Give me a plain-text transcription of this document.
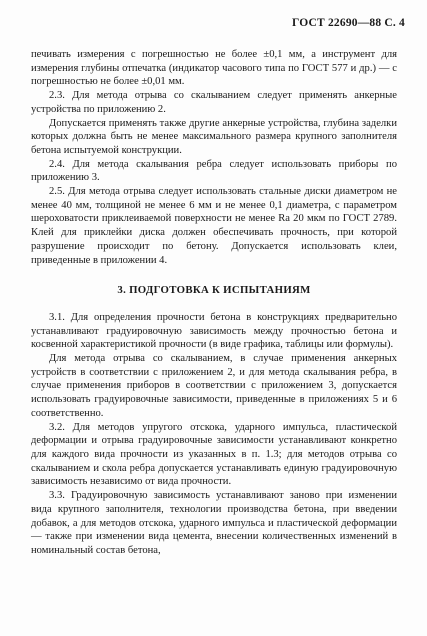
ГОСТ 22690—88 С. 4

печивать измерения с погрешностью не более ±0,1 мм, а инструмент для измерения глубины отпечатка (индикатор часового типа по ГОСТ 577 и др.) — с погрешностью не более ±0,01 мм.

2.3. Для метода отрыва со скалыванием следует применять анкерные устройства по приложению 2.

Допускается применять также другие анкерные устройства, глубина заделки которых должна быть не менее максимального размера крупного заполнителя бетона испытуемой конструкции.

2.4. Для метода скалывания ребра следует использовать приборы по приложению 3.

2.5. Для метода отрыва следует использовать стальные диски диаметром не менее 40 мм, толщиной не менее 6 мм и не менее 0,1 диаметра, с параметром шероховатости приклеиваемой поверхности не менее Ra 20 мкм по ГОСТ 2789. Клей для приклейки диска должен обеспечивать прочность, при которой разрушение происходит по бетону. Допускается использовать клеи, приведенные в приложении 4.

3. ПОДГОТОВКА К ИСПЫТАНИЯМ

3.1. Для определения прочности бетона в конструкциях предварительно устанавливают градуировочную зависимость между прочностью бетона и косвенной характеристикой прочности (в виде графика, таблицы или формулы).

Для метода отрыва со скалыванием, в случае применения анкерных устройств в соответствии с приложением 2, и для метода скалывания ребра, в случае применения приборов в соответствии с приложением 3, допускается использовать градуировочные зависимости, приведенные в приложениях 5 и 6 соответственно.

3.2. Для методов упругого отскока, ударного импульса, пластической деформации и отрыва градуировочные зависимости устанавливают конкретно для каждого вида прочности из указанных в п. 1.3; для методов отрыва со скалыванием и скола ребра допускается устанавливать единую градуировочную зависимость независимо от вида прочности.

3.3. Градуировочную зависимость устанавливают заново при изменении вида крупного заполнителя, технологии производства бетона, при введении добавок, а для методов отскока, ударного импульса и пластической деформации — также при изменении вида цемента, внесении количественных изменений в номинальный состав бетона,
